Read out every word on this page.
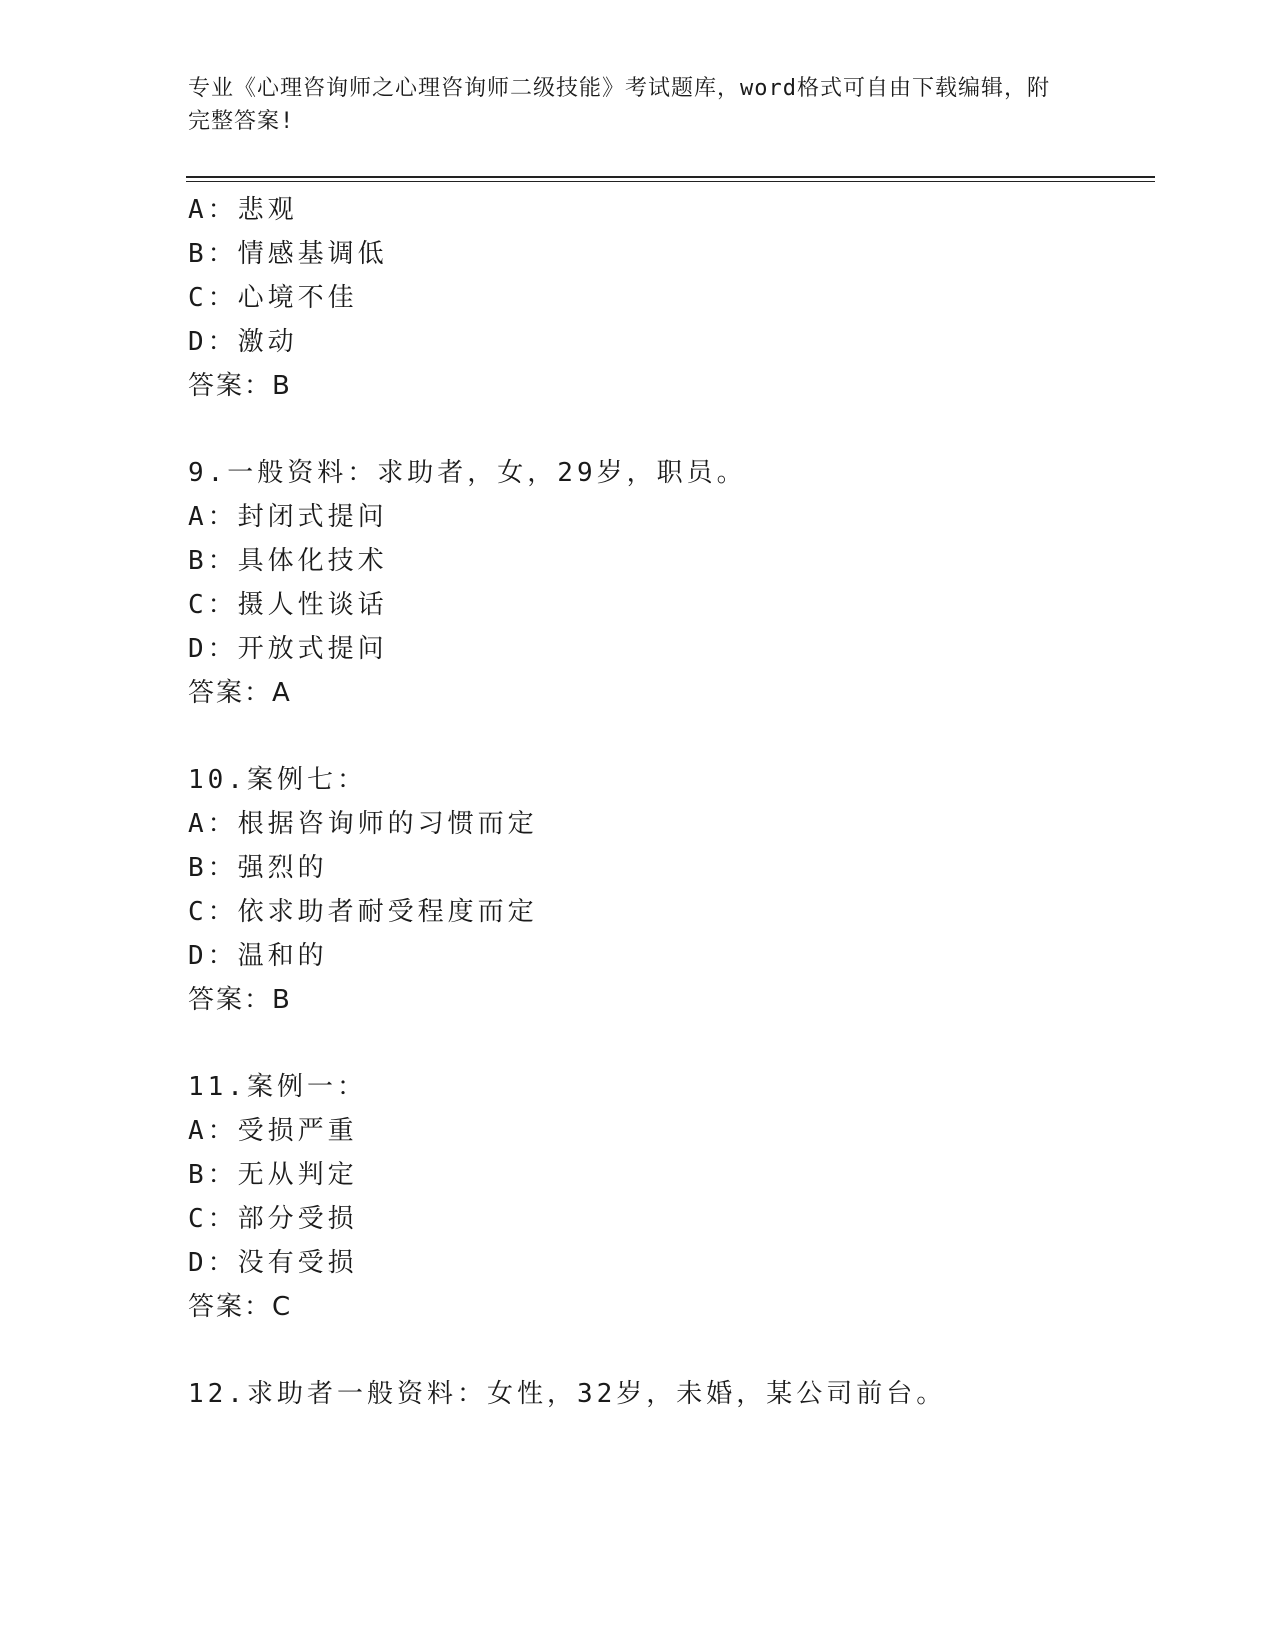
专业《心理咨询师之心理咨询师二级技能》考试题库，word格式可自由下载编辑，附完整答案!
A：悲观
B：情感基调低
C：心境不佳
D：激动
答案：B
9.一般资料：求助者，女，29岁，职员。
A：封闭式提问
B：具体化技术
C：摄人性谈话
D：开放式提问
答案：A
10.案例七：
A：根据咨询师的习惯而定
B：强烈的
C：依求助者耐受程度而定
D：温和的
答案：B
11.案例一：
A：受损严重
B：无从判定
C：部分受损
D：没有受损
答案：C
12.求助者一般资料：女性，32岁，未婚，某公司前台。
